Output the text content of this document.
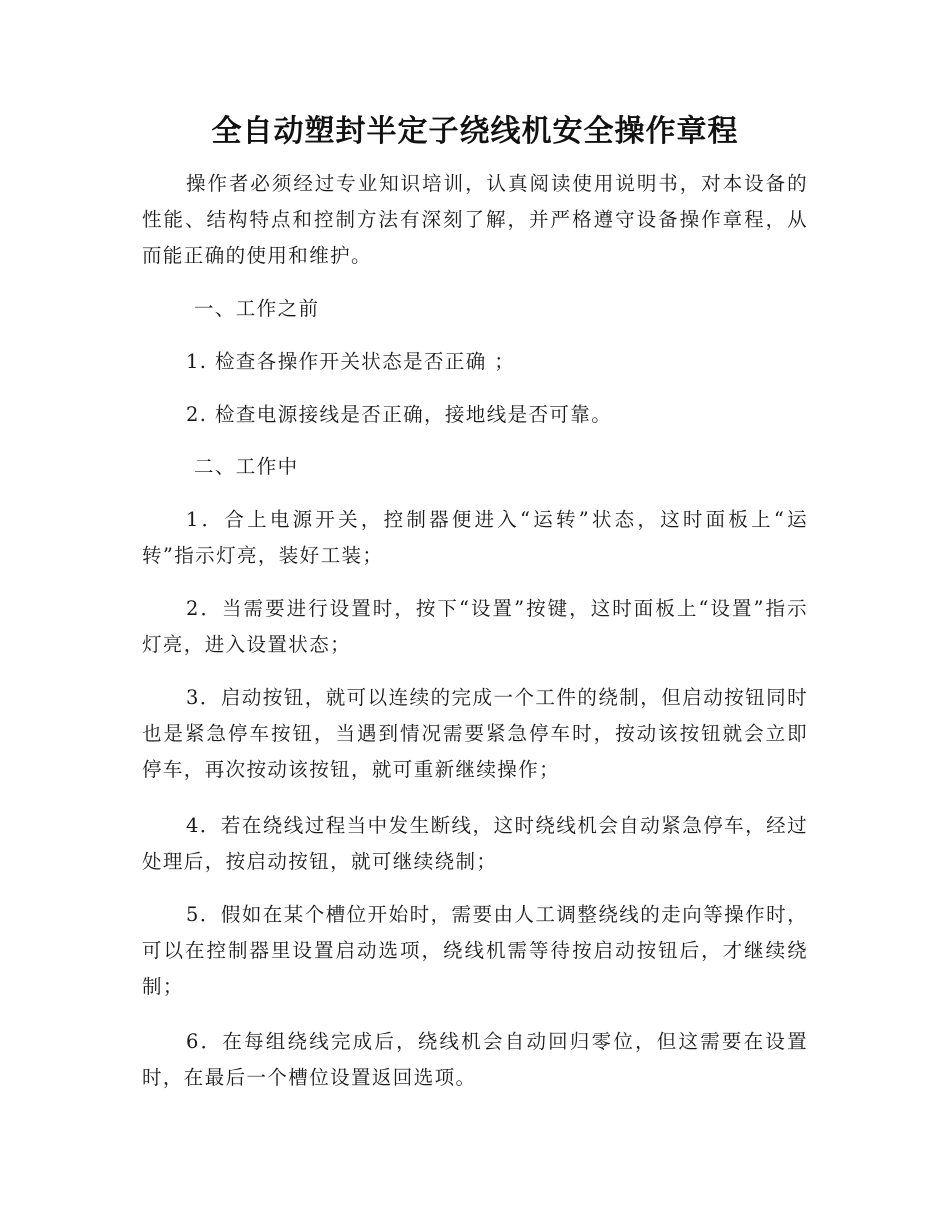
全自动塑封半定子绕线机安全操作章程

操作者必须经过专业知识培训，认真阅读使用说明书，对本设备的性能、结构特点和控制方法有深刻了解，并严格遵守设备操作章程，从而能正确的使用和维护。

一、工作之前

1. 检查各操作开关状态是否正确 ；

2. 检查电源接线是否正确，接地线是否可靠。

二、工作中

1．合上电源开关，控制器便进入“运转”状态，这时面板上“运转”指示灯亮，装好工装；

2．当需要进行设置时，按下“设置”按键，这时面板上“设置”指示灯亮，进入设置状态；

3．启动按钮，就可以连续的完成一个工件的绕制，但启动按钮同时也是紧急停车按钮，当遇到情况需要紧急停车时，按动该按钮就会立即停车，再次按动该按钮，就可重新继续操作；

4．若在绕线过程当中发生断线，这时绕线机会自动紧急停车，经过处理后，按启动按钮，就可继续绕制；

5．假如在某个槽位开始时，需要由人工调整绕线的走向等操作时，可以在控制器里设置启动选项，绕线机需等待按启动按钮后，才继续绕制；

6．在每组绕线完成后，绕线机会自动回归零位，但这需要在设置时，在最后一个槽位设置返回选项。
